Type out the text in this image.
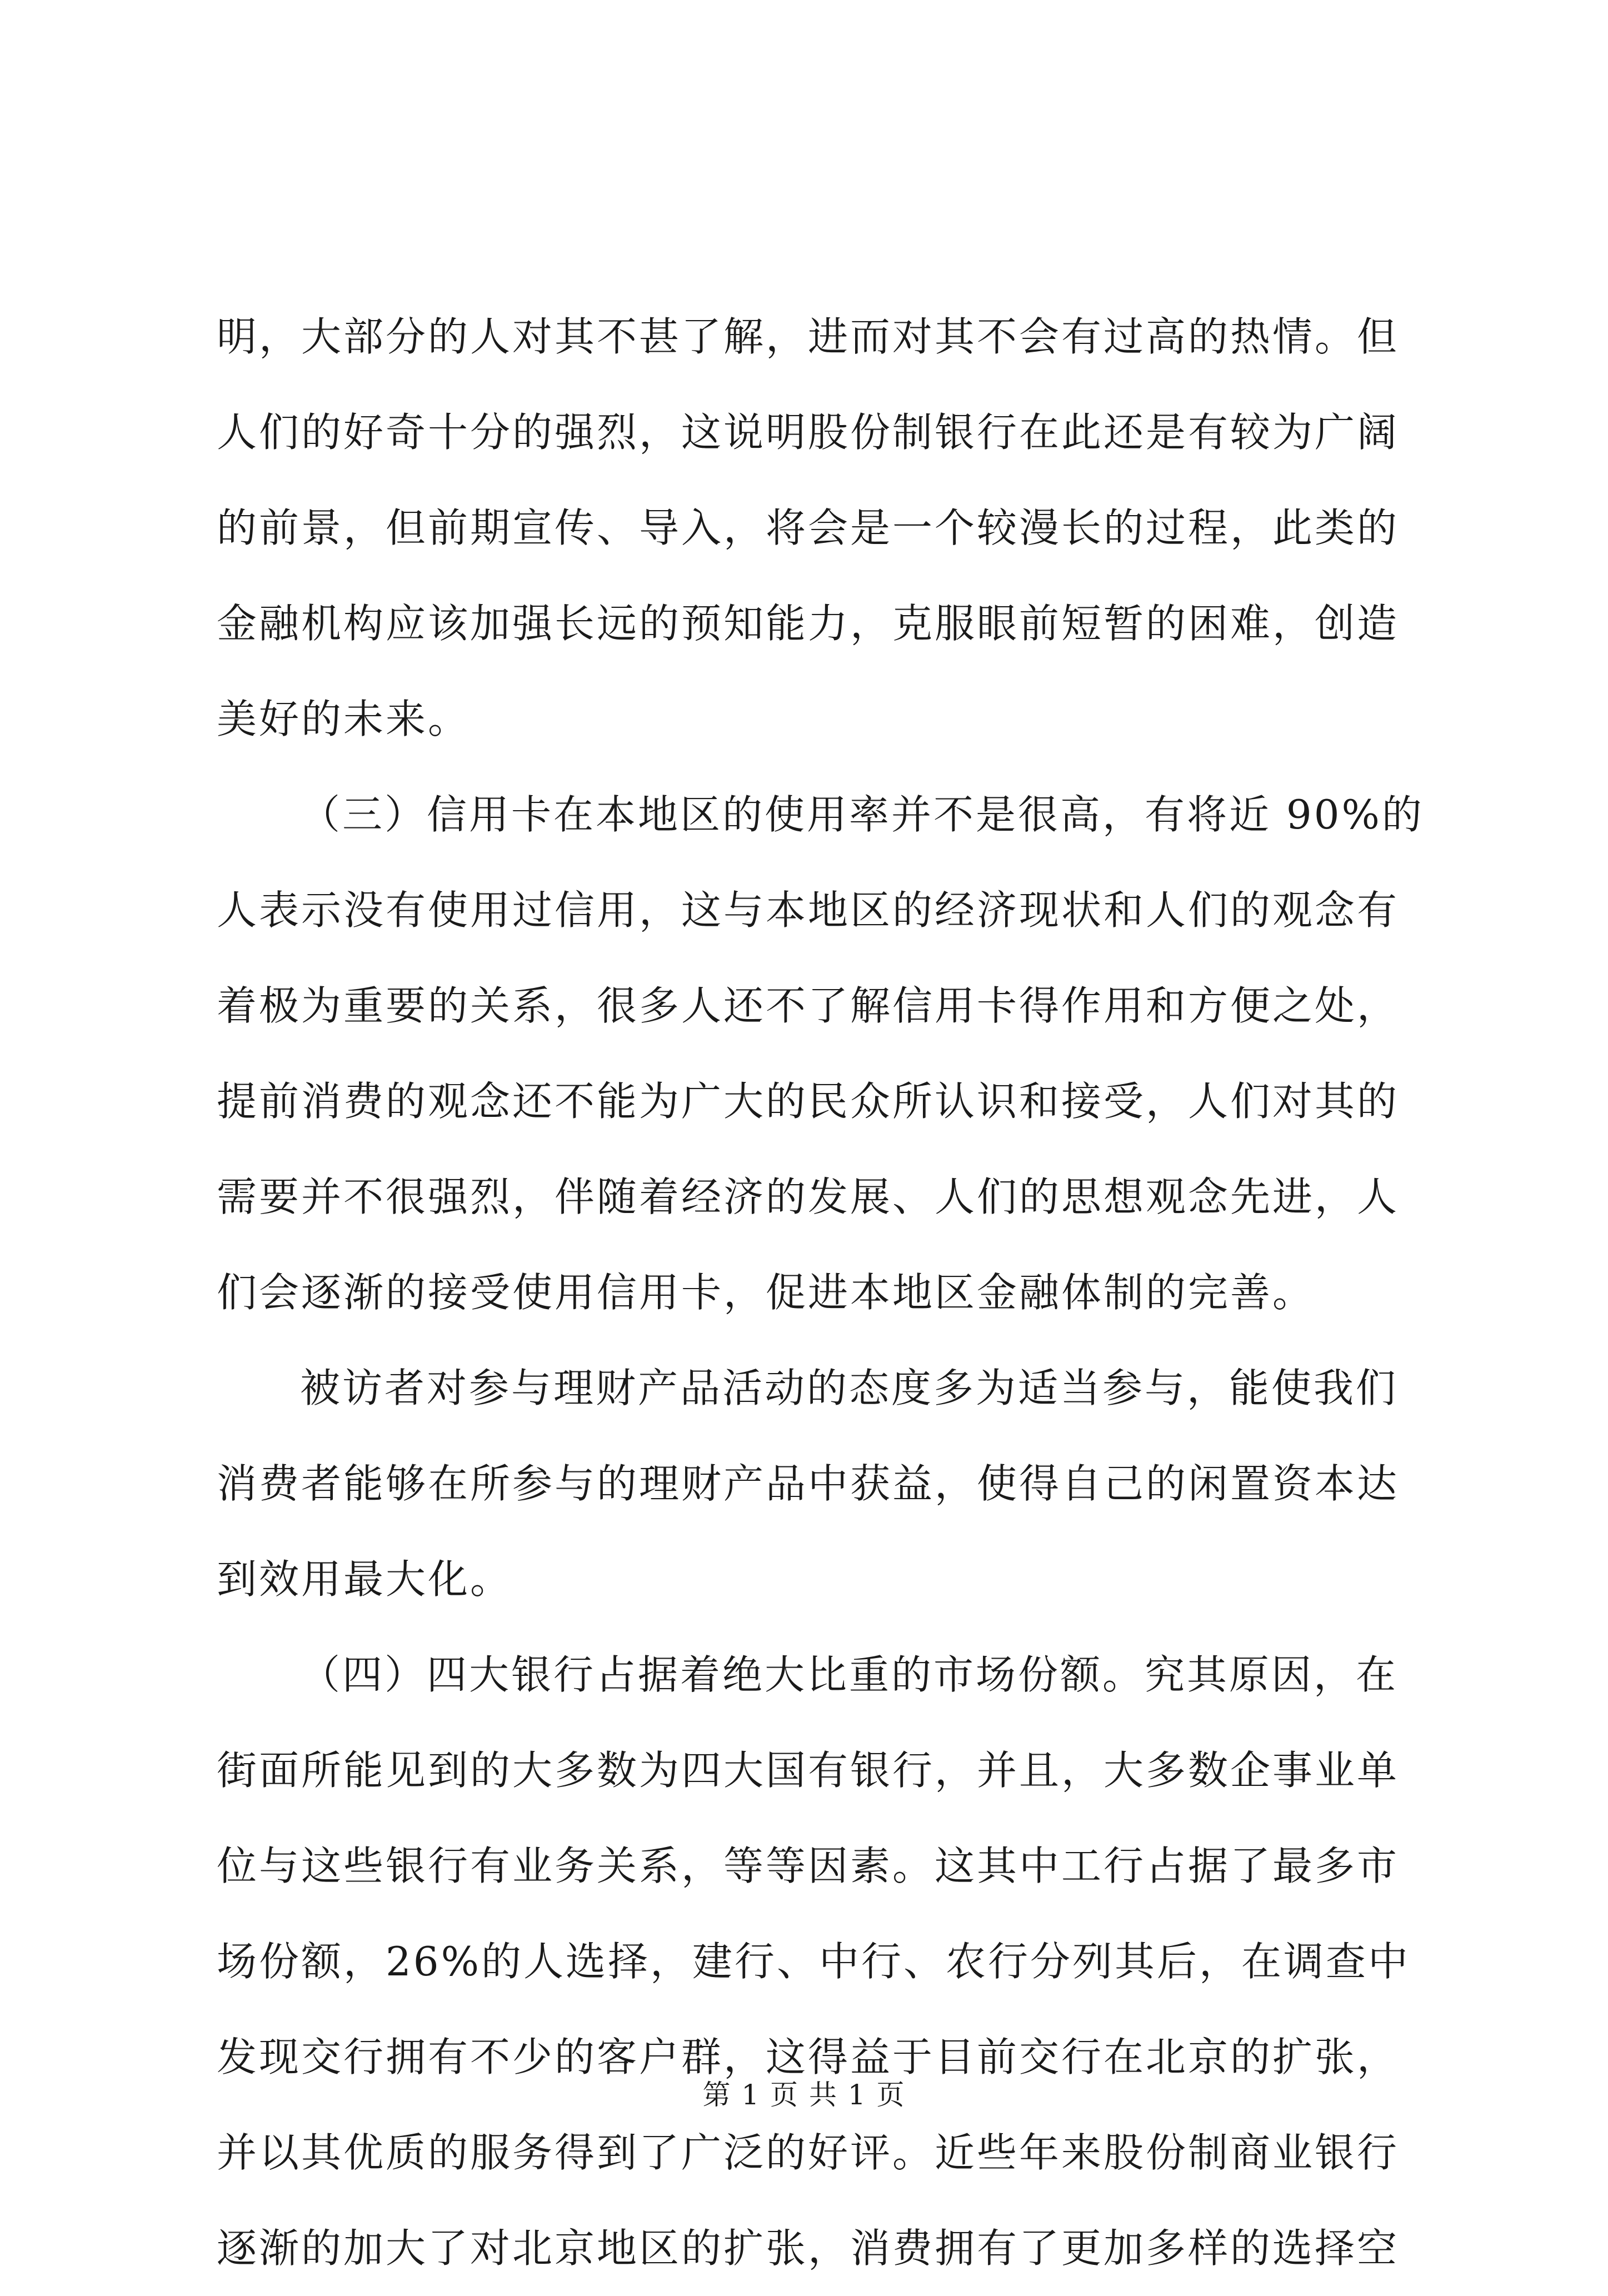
明，大部分的人对其不甚了解，进而对其不会有过高的热情。但
人们的好奇十分的强烈，这说明股份制银行在此还是有较为广阔
的前景，但前期宣传、导入，将会是一个较漫长的过程，此类的
金融机构应该加强长远的预知能力，克服眼前短暂的困难，创造
美好的未来。
（三）信用卡在本地区的使用率并不是很高，有将近 90%的
人表示没有使用过信用，这与本地区的经济现状和人们的观念有
着极为重要的关系，很多人还不了解信用卡得作用和方便之处，
提前消费的观念还不能为广大的民众所认识和接受，人们对其的
需要并不很强烈，伴随着经济的发展、人们的思想观念先进，人
们会逐渐的接受使用信用卡，促进本地区金融体制的完善。
被访者对参与理财产品活动的态度多为适当参与，能使我们
消费者能够在所参与的理财产品中获益，使得自己的闲置资本达
到效用最大化。
（四）四大银行占据着绝大比重的市场份额。究其原因，在
街面所能见到的大多数为四大国有银行，并且，大多数企事业单
位与这些银行有业务关系，等等因素。这其中工行占据了最多市
场份额，26%的人选择，建行、中行、农行分列其后，在调查中
发现交行拥有不少的客户群，这得益于目前交行在北京的扩张，
并以其优质的服务得到了广泛的好评。近些年来股份制商业银行
逐渐的加大了对北京地区的扩张，消费拥有了更加多样的选择空
第 1 页 共 1 页
